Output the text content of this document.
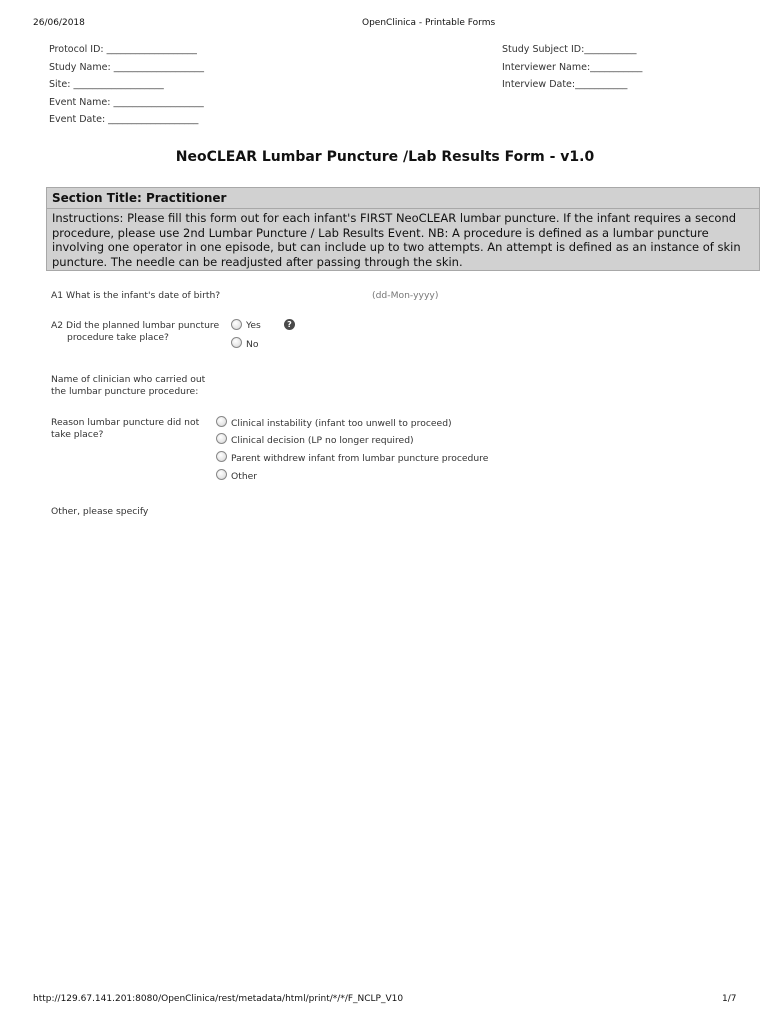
26/06/2018	OpenClinica - Printable Forms
Protocol ID: ___________________
Study Name: ___________________
Site: ___________________
Event Name: ___________________
Event Date: ___________________
Study Subject ID:___________
Interviewer Name:___________
Interview Date:___________
NeoCLEAR Lumbar Puncture /Lab Results Form - v1.0
Section Title: Practitioner
Instructions: Please fill this form out for each infant's FIRST NeoCLEAR lumbar puncture. If the infant requires a second procedure, please use 2nd Lumbar Puncture / Lab Results Event. NB: A procedure is defined as a lumbar puncture involving one operator in one episode, but can include up to two attempts. An attempt is defined as an instance of skin puncture. The needle can be readjusted after passing through the skin.
A1 What is the infant's date of birth?	(dd-Mon-yyyy)
A2 Did the planned lumbar puncture
procedure take place?
Yes
No
?
Name of clinician who carried out
the lumbar puncture procedure:
Reason lumbar puncture did not
take place?
Clinical instability (infant too unwell to proceed)
Clinical decision (LP no longer required)
Parent withdrew infant from lumbar puncture procedure
Other
Other, please specify
http://129.67.141.201:8080/OpenClinica/rest/metadata/html/print/*/*/F_NCLP_V10	1/7
